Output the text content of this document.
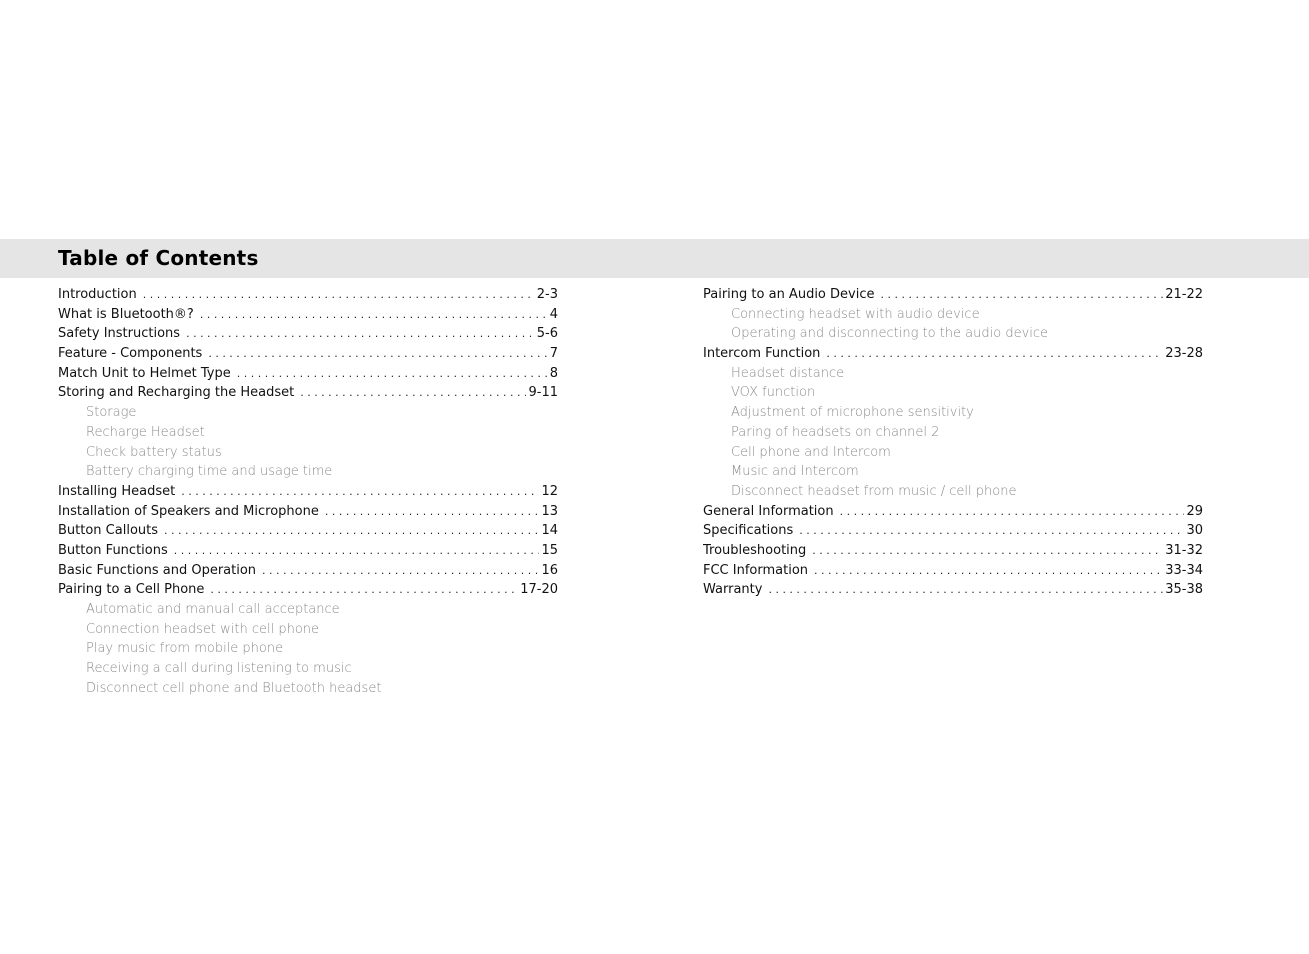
Table of Contents
Introduction . . .	2-3
What is Bluetooth®? . . .	4
Safety Instructions . . .	5-6
Feature - Components . . .	7
Match Unit to Helmet Type . . .	8
Storing and Recharging the Headset . . .	9-11
Storage
Recharge Headset
Check battery status
Battery charging time and usage time
Installing Headset . . .	12
Installation of Speakers and Microphone . . .	13
Button Callouts . . .	14
Button Functions . . .	15
Basic Functions and Operation . . .	16
Pairing to a Cell Phone . . .	17-20
Automatic and manual call acceptance
Connection headset with cell phone
Play music from mobile phone
Receiving a call during listening to music
Disconnect cell phone and Bluetooth headset
Pairing to an Audio Device . . .	21-22
Connecting headset with audio device
Operating and disconnecting to the audio device
Intercom Function . . .	23-28
Headset distance
VOX function
Adjustment of microphone sensitivity
Paring of headsets on channel 2
Cell phone and Intercom
Music and Intercom
Disconnect headset from music / cell phone
General Information . . .	29
Specifications . . .	30
Troubleshooting . . .	31-32
FCC Information . . .	33-34
Warranty . . .	35-38
